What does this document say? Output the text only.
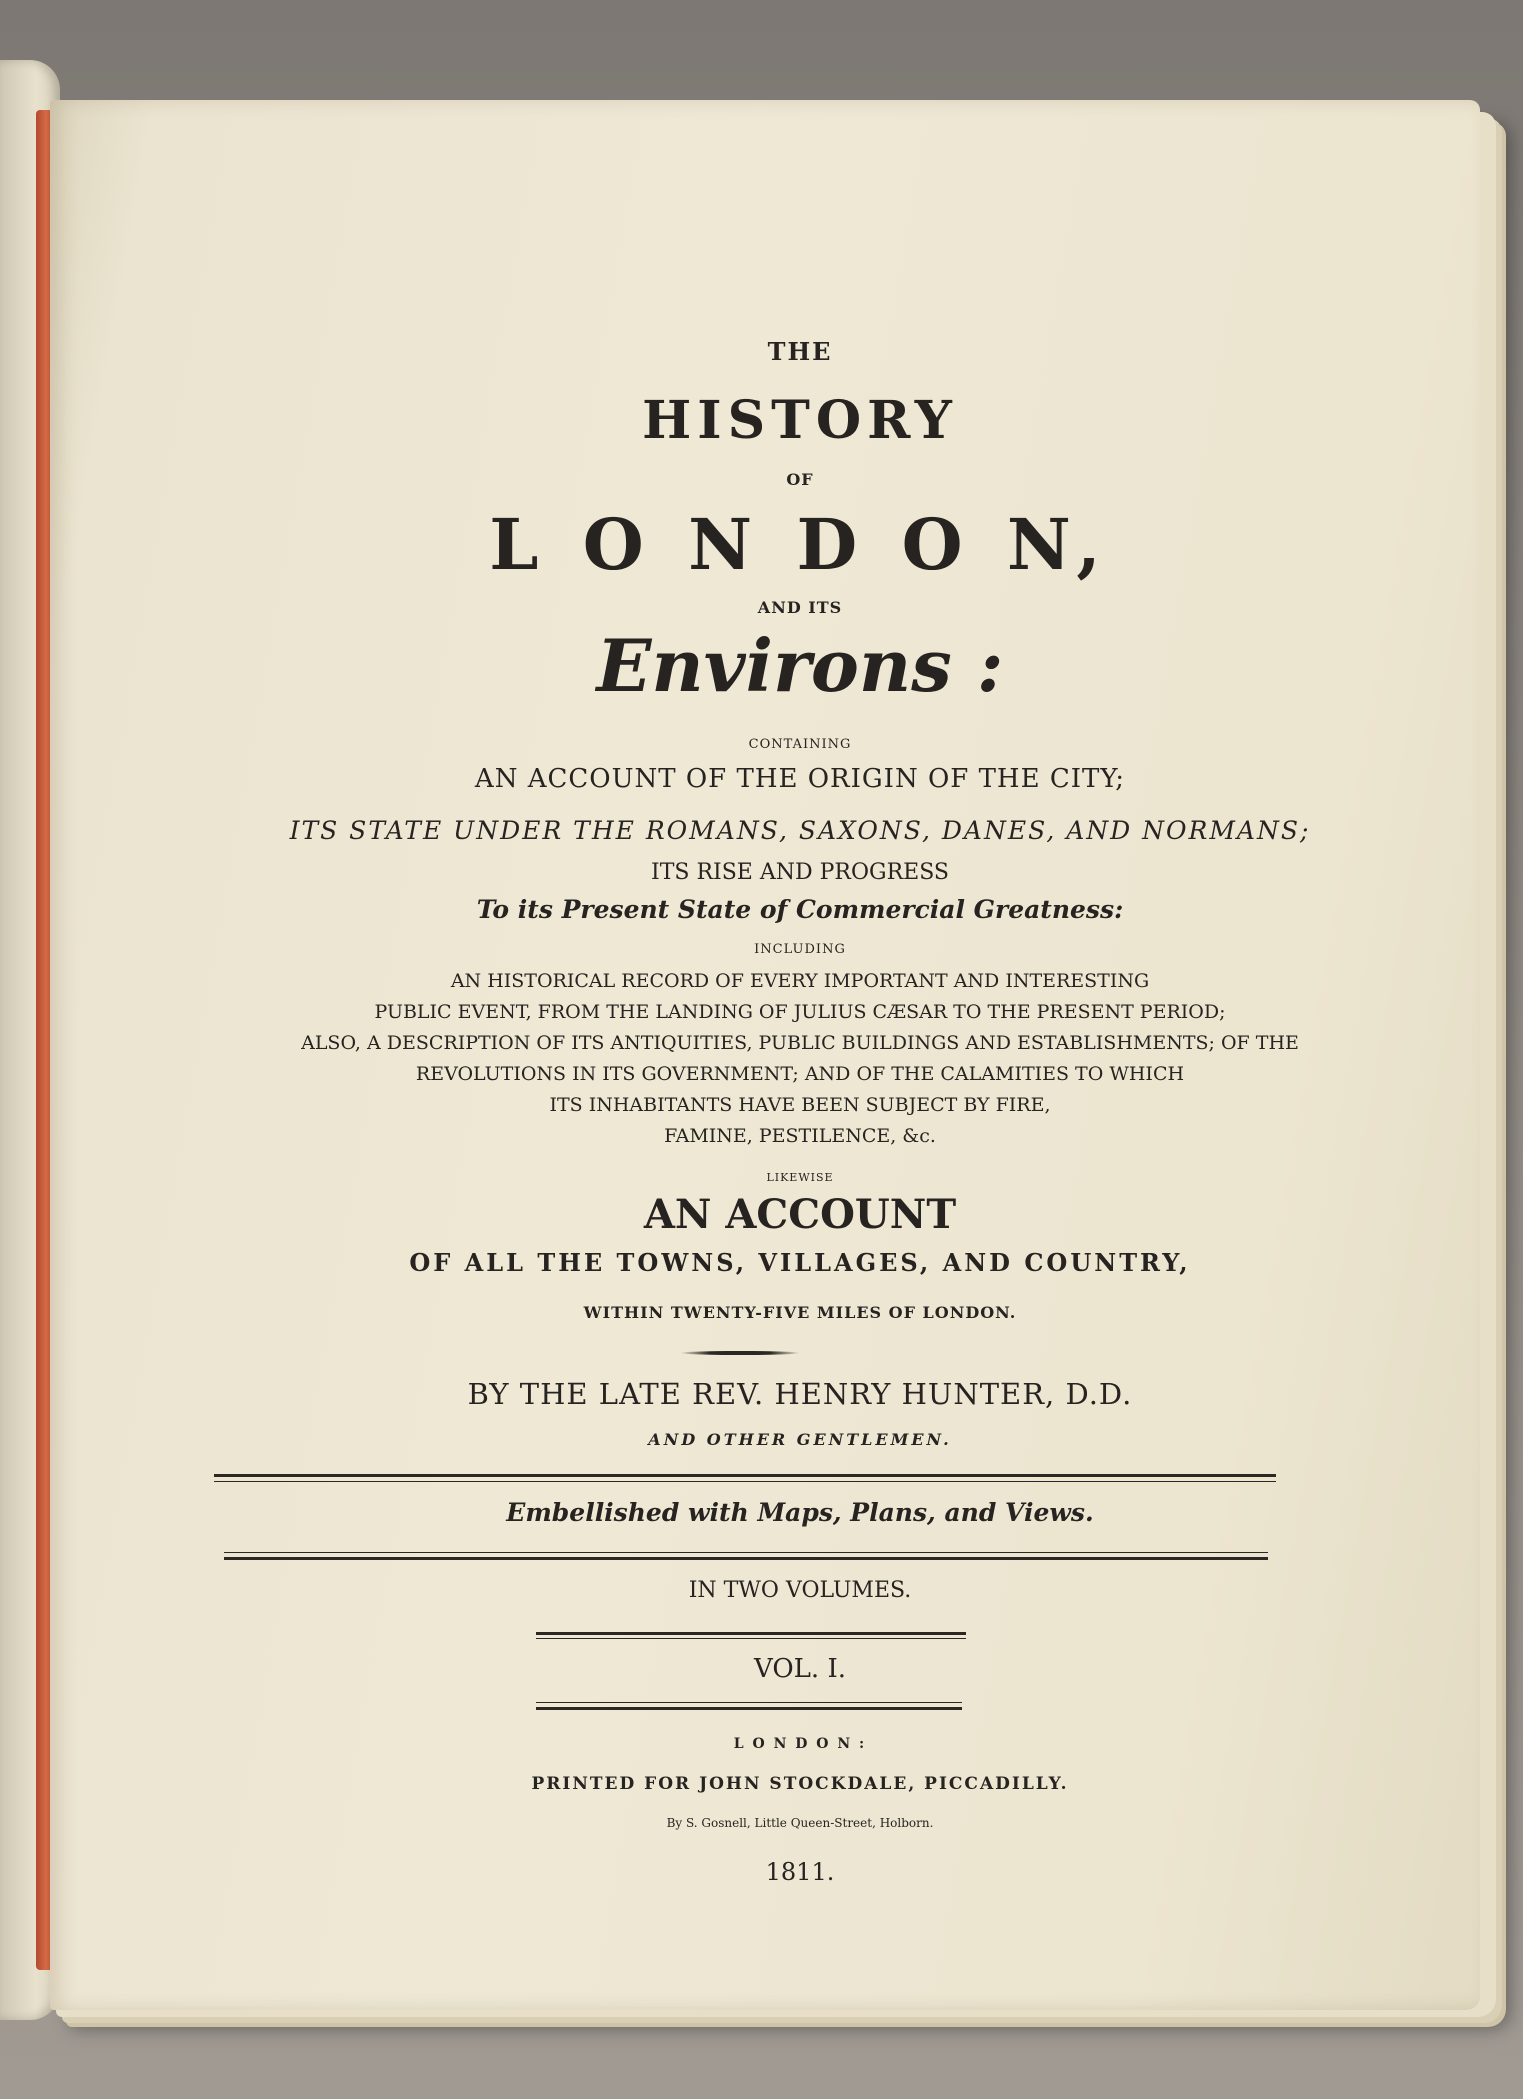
THE
HISTORY
OF
L O N D O N,
AND ITS
Environs :
CONTAINING
AN ACCOUNT OF THE ORIGIN OF THE CITY;
ITS STATE UNDER THE ROMANS, SAXONS, DANES, AND NORMANS;
ITS RISE AND PROGRESS
To its Present State of Commercial Greatness:
INCLUDING
AN HISTORICAL RECORD OF EVERY IMPORTANT AND INTERESTING
PUBLIC EVENT, FROM THE LANDING OF JULIUS CÆSAR TO THE PRESENT PERIOD;
ALSO, A DESCRIPTION OF ITS ANTIQUITIES, PUBLIC BUILDINGS AND ESTABLISHMENTS; OF THE
REVOLUTIONS IN ITS GOVERNMENT; AND OF THE CALAMITIES TO WHICH
ITS INHABITANTS HAVE BEEN SUBJECT BY FIRE,
FAMINE, PESTILENCE, &c.
LIKEWISE
AN ACCOUNT
OF ALL THE TOWNS, VILLAGES, AND COUNTRY,
WITHIN TWENTY-FIVE MILES OF LONDON.
BY THE LATE REV. HENRY HUNTER, D.D.
AND OTHER GENTLEMEN.
Embellished with Maps, Plans, and Views.
IN TWO VOLUMES.
VOL. I.
L O N D O N :
PRINTED FOR JOHN STOCKDALE, PICCADILLY.
By S. Gosnell, Little Queen-Street, Holborn.
1811.
